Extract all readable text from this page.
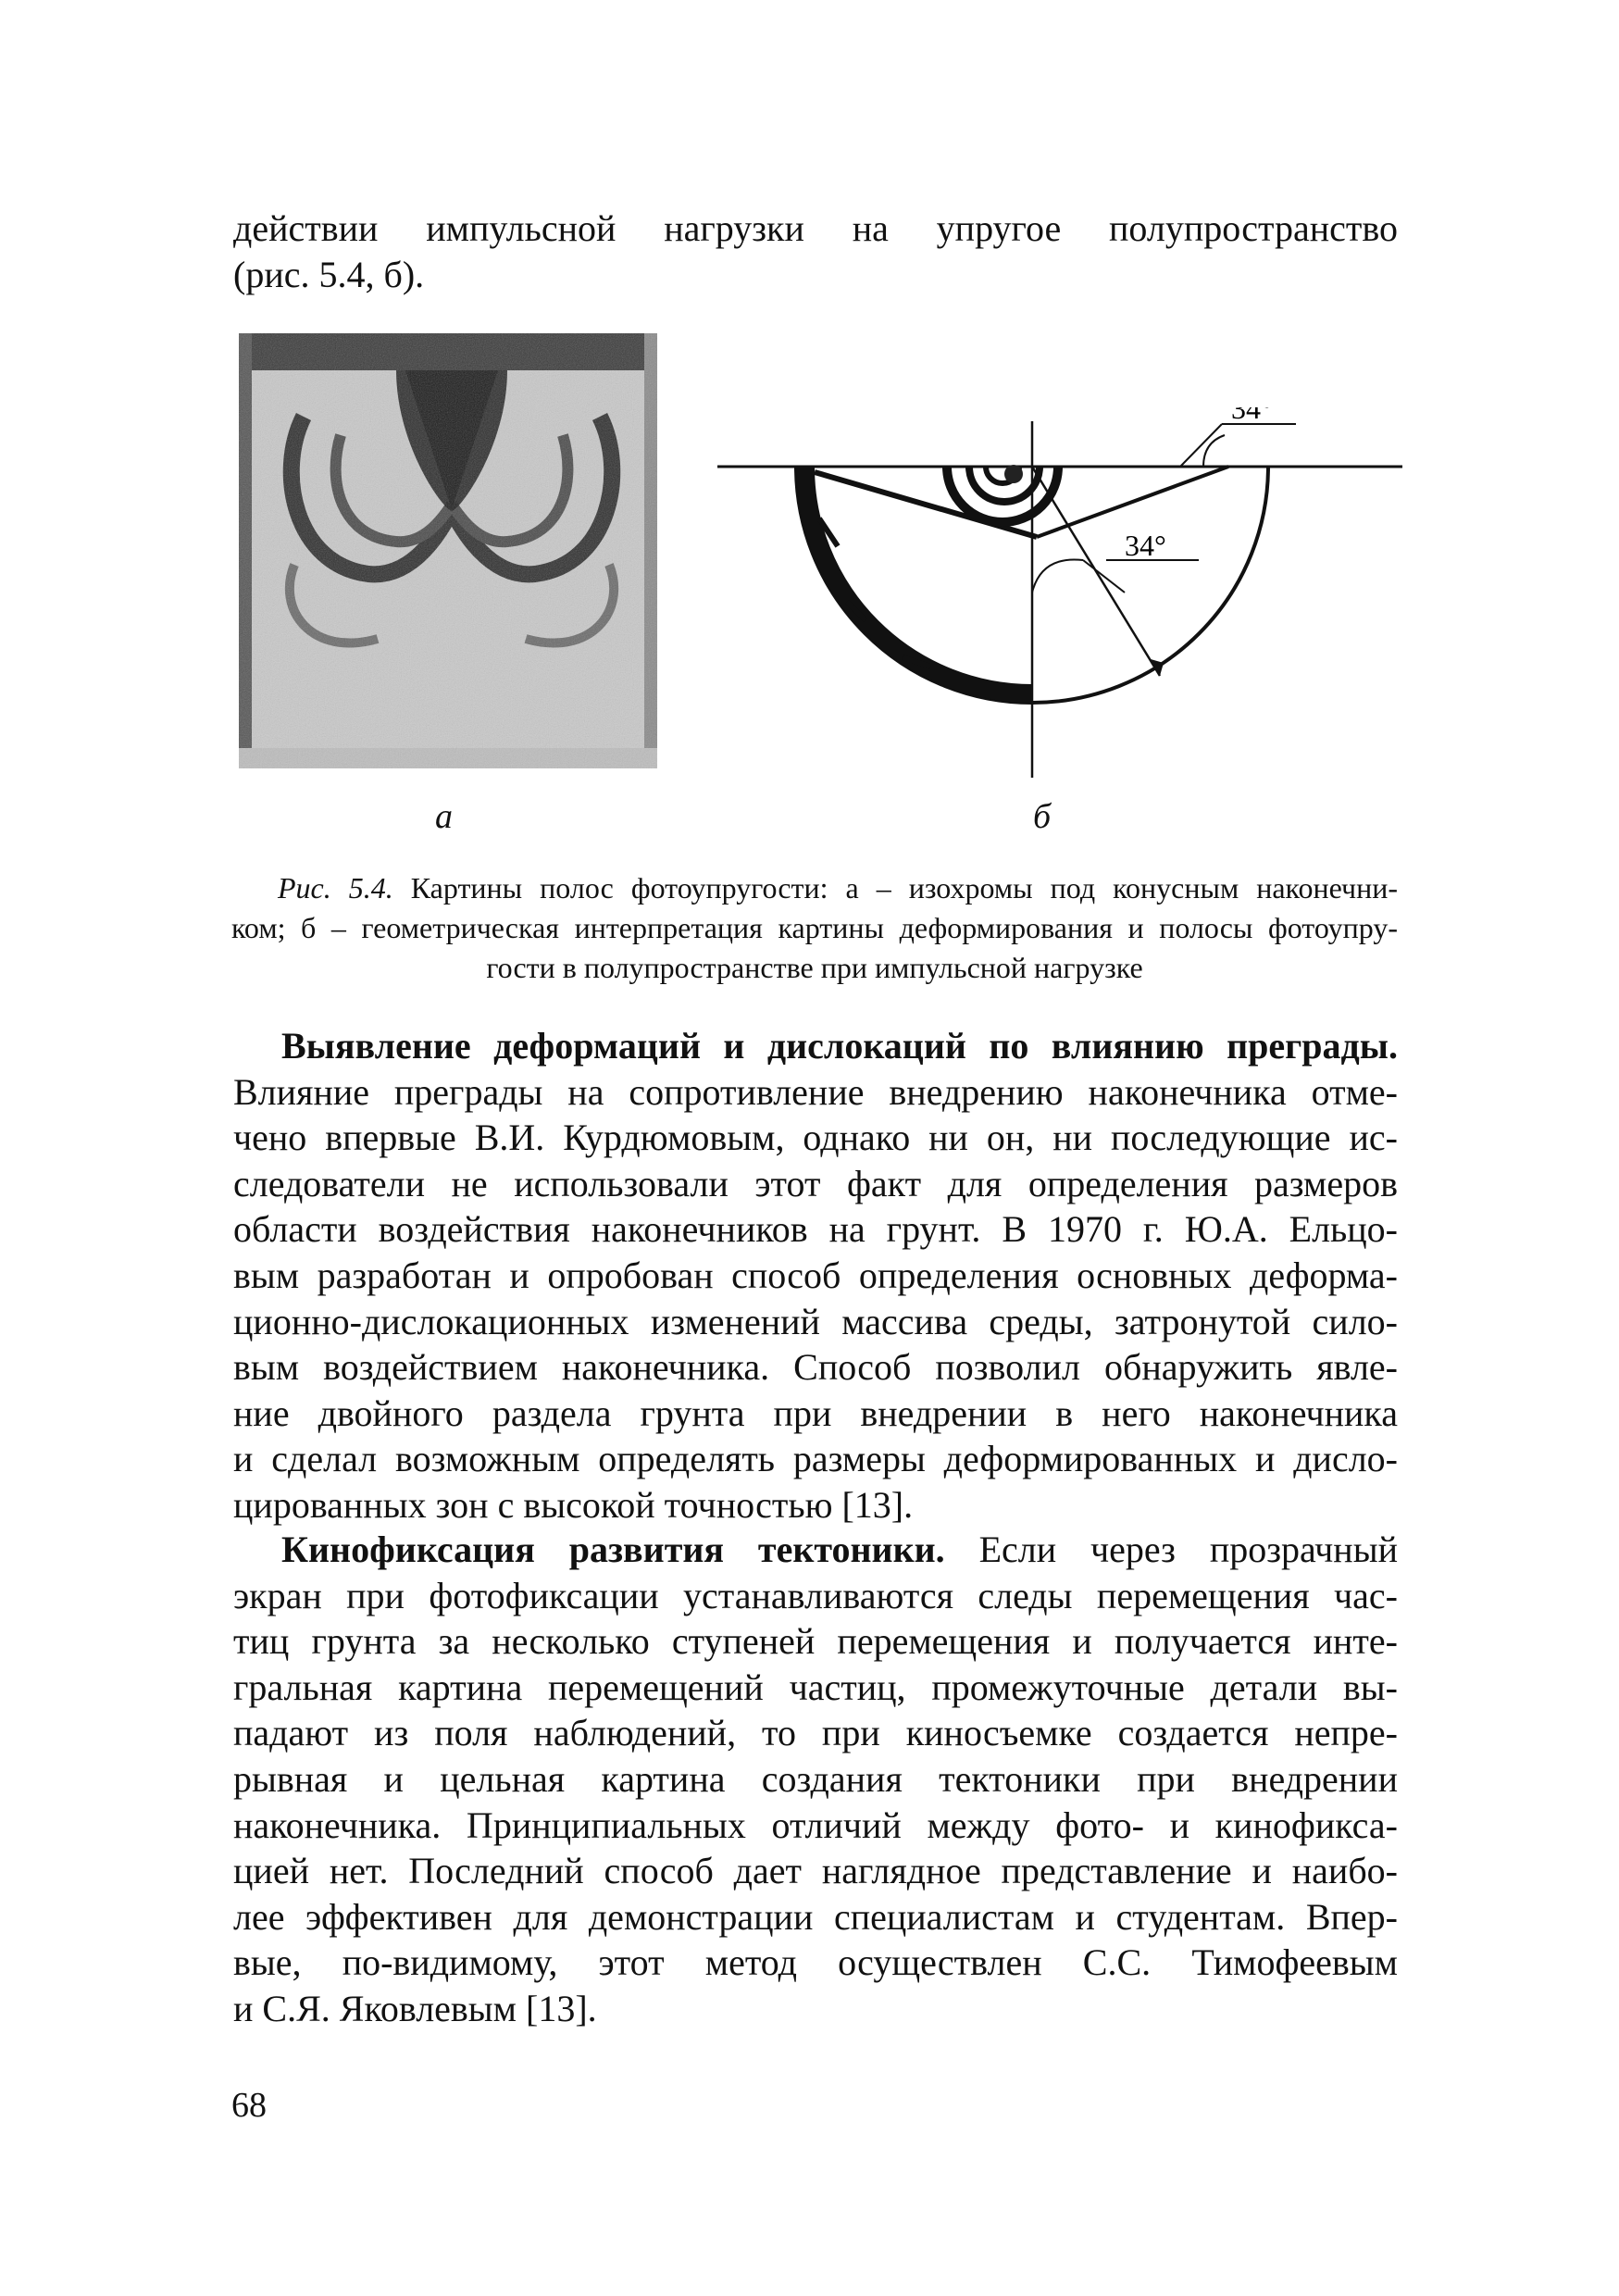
действии импульсной нагрузки на упругое полупространство
(рис. 5.4, б).
34°
34°
а	б
Рис. 5.4. Картины полос фотоупругости: а – изохромы под конусным наконечни-
ком; б – геометрическая интерпретация картины деформирования и полосы фотоупру-
гости в полупространстве при импульсной нагрузке
Выявление деформаций и дислокаций по влиянию преграды.
Влияние преграды на сопротивление внедрению наконечника отме-
чено впервые В.И. Курдюмовым, однако ни он, ни последующие ис-
следователи не использовали этот факт для определения размеров
области воздействия наконечников на грунт. В 1970 г. Ю.А. Ельцо-
вым разработан и опробован способ определения основных деформа-
ционно-дислокационных изменений массива среды, затронутой сило-
вым воздействием наконечника. Способ позволил обнаружить явле-
ние двойного раздела грунта при внедрении в него наконечника
и сделал возможным определять размеры деформированных и дисло-
цированных зон с высокой точностью [13].
Кинофиксация развития тектоники. Если через прозрачный
экран при фотофиксации устанавливаются следы перемещения час-
тиц грунта за несколько ступеней перемещения и получается инте-
гральная картина перемещений частиц, промежуточные детали вы-
падают из поля наблюдений, то при киносъемке создается непре-
рывная и цельная картина создания тектоники при внедрении
наконечника. Принципиальных отличий между фото- и кинофикса-
цией нет. Последний способ дает наглядное представление и наибо-
лее эффективен для демонстрации специалистам и студентам. Впер-
вые, по-видимому, этот метод осуществлен С.С. Тимофеевым
и С.Я. Яковлевым [13].
68
